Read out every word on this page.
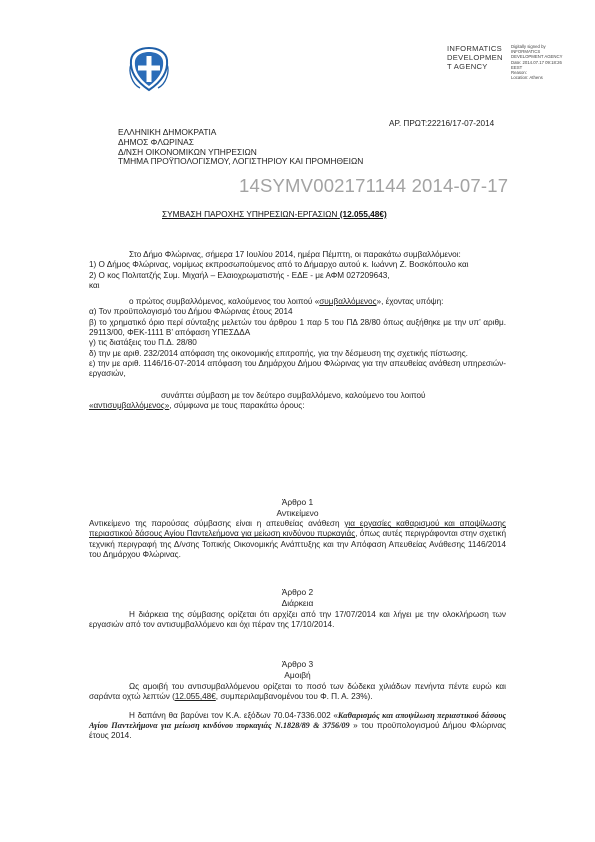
INFORMATICS
DEVELOPMEN
T AGENCY
Digitally signed by
INFORMATICS
DEVELOPMENT AGENCY
Date: 2014.07.17 09:18:26
EEST
Reason:
Location: Athens
ΑΡ. ΠΡΩΤ:22216/17-07-2014
ΕΛΛΗΝΙΚΗ ΔΗΜΟΚΡΑΤΙΑ
ΔΗΜΟΣ ΦΛΩΡΙΝΑΣ
Δ/ΝΣΗ ΟΙΚΟΝΟΜΙΚΩΝ ΥΠΗΡΕΣΙΩΝ
ΤΜΗΜΑ ΠΡΟΫΠΟΛΟΓΙΣΜΟΥ, ΛΟΓΙΣΤΗΡΙΟΥ ΚΑΙ ΠΡΟΜΗΘΕΙΩΝ
14SYMV002171144 2014-07-17
ΣΥΜΒΑΣΗ ΠΑΡΟΧΗΣ ΥΠΗΡΕΣΙΩΝ-ΕΡΓΑΣΙΩΝ (12.055,48€)
Στο Δήμο Φλώρινας, σήμερα 17 Ιουλίου 2014, ημέρα Πέμπτη, οι παρακάτω συμβαλλόμενοι:
1) Ο Δήμος Φλώρινας, νομίμως εκπροσωπούμενος από το Δήμαρχο αυτού κ. Ιωάννη Ζ. Βοσκόπουλο και
2) Ο κος Πολιτατζής Συμ. Μιχαήλ – Ελαιοχρωματιστής - ΕΔΕ - με ΑΦΜ 027209643,
και
ο πρώτος συμβαλλόμενος, καλούμενος του λοιπού «συμβαλλόμενος», έχοντας υπόψη:
α) Τον προϋπολογισμό του Δήμου Φλώρινας έτους 2014
β) το χρηματικό όριο περί σύνταξης μελετών του άρθρου 1 παρ 5 του ΠΔ 28/80 όπως αυξήθηκε με την υπ’ αριθμ. 29113/00, ΦΕΚ-1111 Β’ απόφαση ΥΠΕΣΔΔΑ
γ) τις διατάξεις του Π.Δ. 28/80
δ) την με αριθ. 232/2014 απόφαση της οικονομικής επιτροπής, για την δέσμευση της σχετικής πίστωσης.
ε) την με αριθ. 1146/16-07-2014 απόφαση του Δημάρχου Δήμου Φλώρινας για την απευθείας ανάθεση υπηρεσιών-εργασιών,
συνάπτει σύμβαση με τον δεύτερο συμβαλλόμενο, καλούμενο του λοιπού
«αντισυμβαλλόμενος», σύμφωνα με τους παρακάτω όρους:
Άρθρο 1
Αντικείμενο
Αντικείμενο της παρούσας σύμβασης είναι η απευθείας ανάθεση για εργασίες καθαρισμού και αποψίλωσης περιαστικού δάσους Αγίου Παντελεήμονα για μείωση κινδύνου πυρκαγιάς, όπως αυτές περιγράφονται στην σχετική τεχνική περιγραφή της Δ/νσης Τοπικής Οικονομικής Ανάπτυξης και την Απόφαση Απευθείας Ανάθεσης 1146/2014 του Δημάρχου Φλώρινας.
Άρθρο 2
Διάρκεια
Η διάρκεια της σύμβασης ορίζεται ότι αρχίζει από την 17/07/2014 και λήγει με την ολοκλήρωση των εργασιών από τον αντισυμβαλλόμενο και όχι πέραν της 17/10/2014.
Άρθρο 3
Αμοιβή
Ως αμοιβή του αντισυμβαλλόμενου ορίζεται το ποσό των δώδεκα χιλιάδων πενήντα πέντε ευρώ και σαράντα οχτώ λεπτών (12.055,48€, συμπεριλαμβανομένου του Φ. Π. Α. 23%).
Η δαπάνη θα βαρύνει τον Κ.Α. εξόδων 70.04-7336.002 «Καθαρισμός και αποψίλωση περιαστικού δάσους Αγίου Παντελήμονα για μείωση κινδύνου πυρκαγιάς Ν.1828/89 & 3756/09 » του προϋπολογισμού Δήμου Φλώρινας έτους 2014.
